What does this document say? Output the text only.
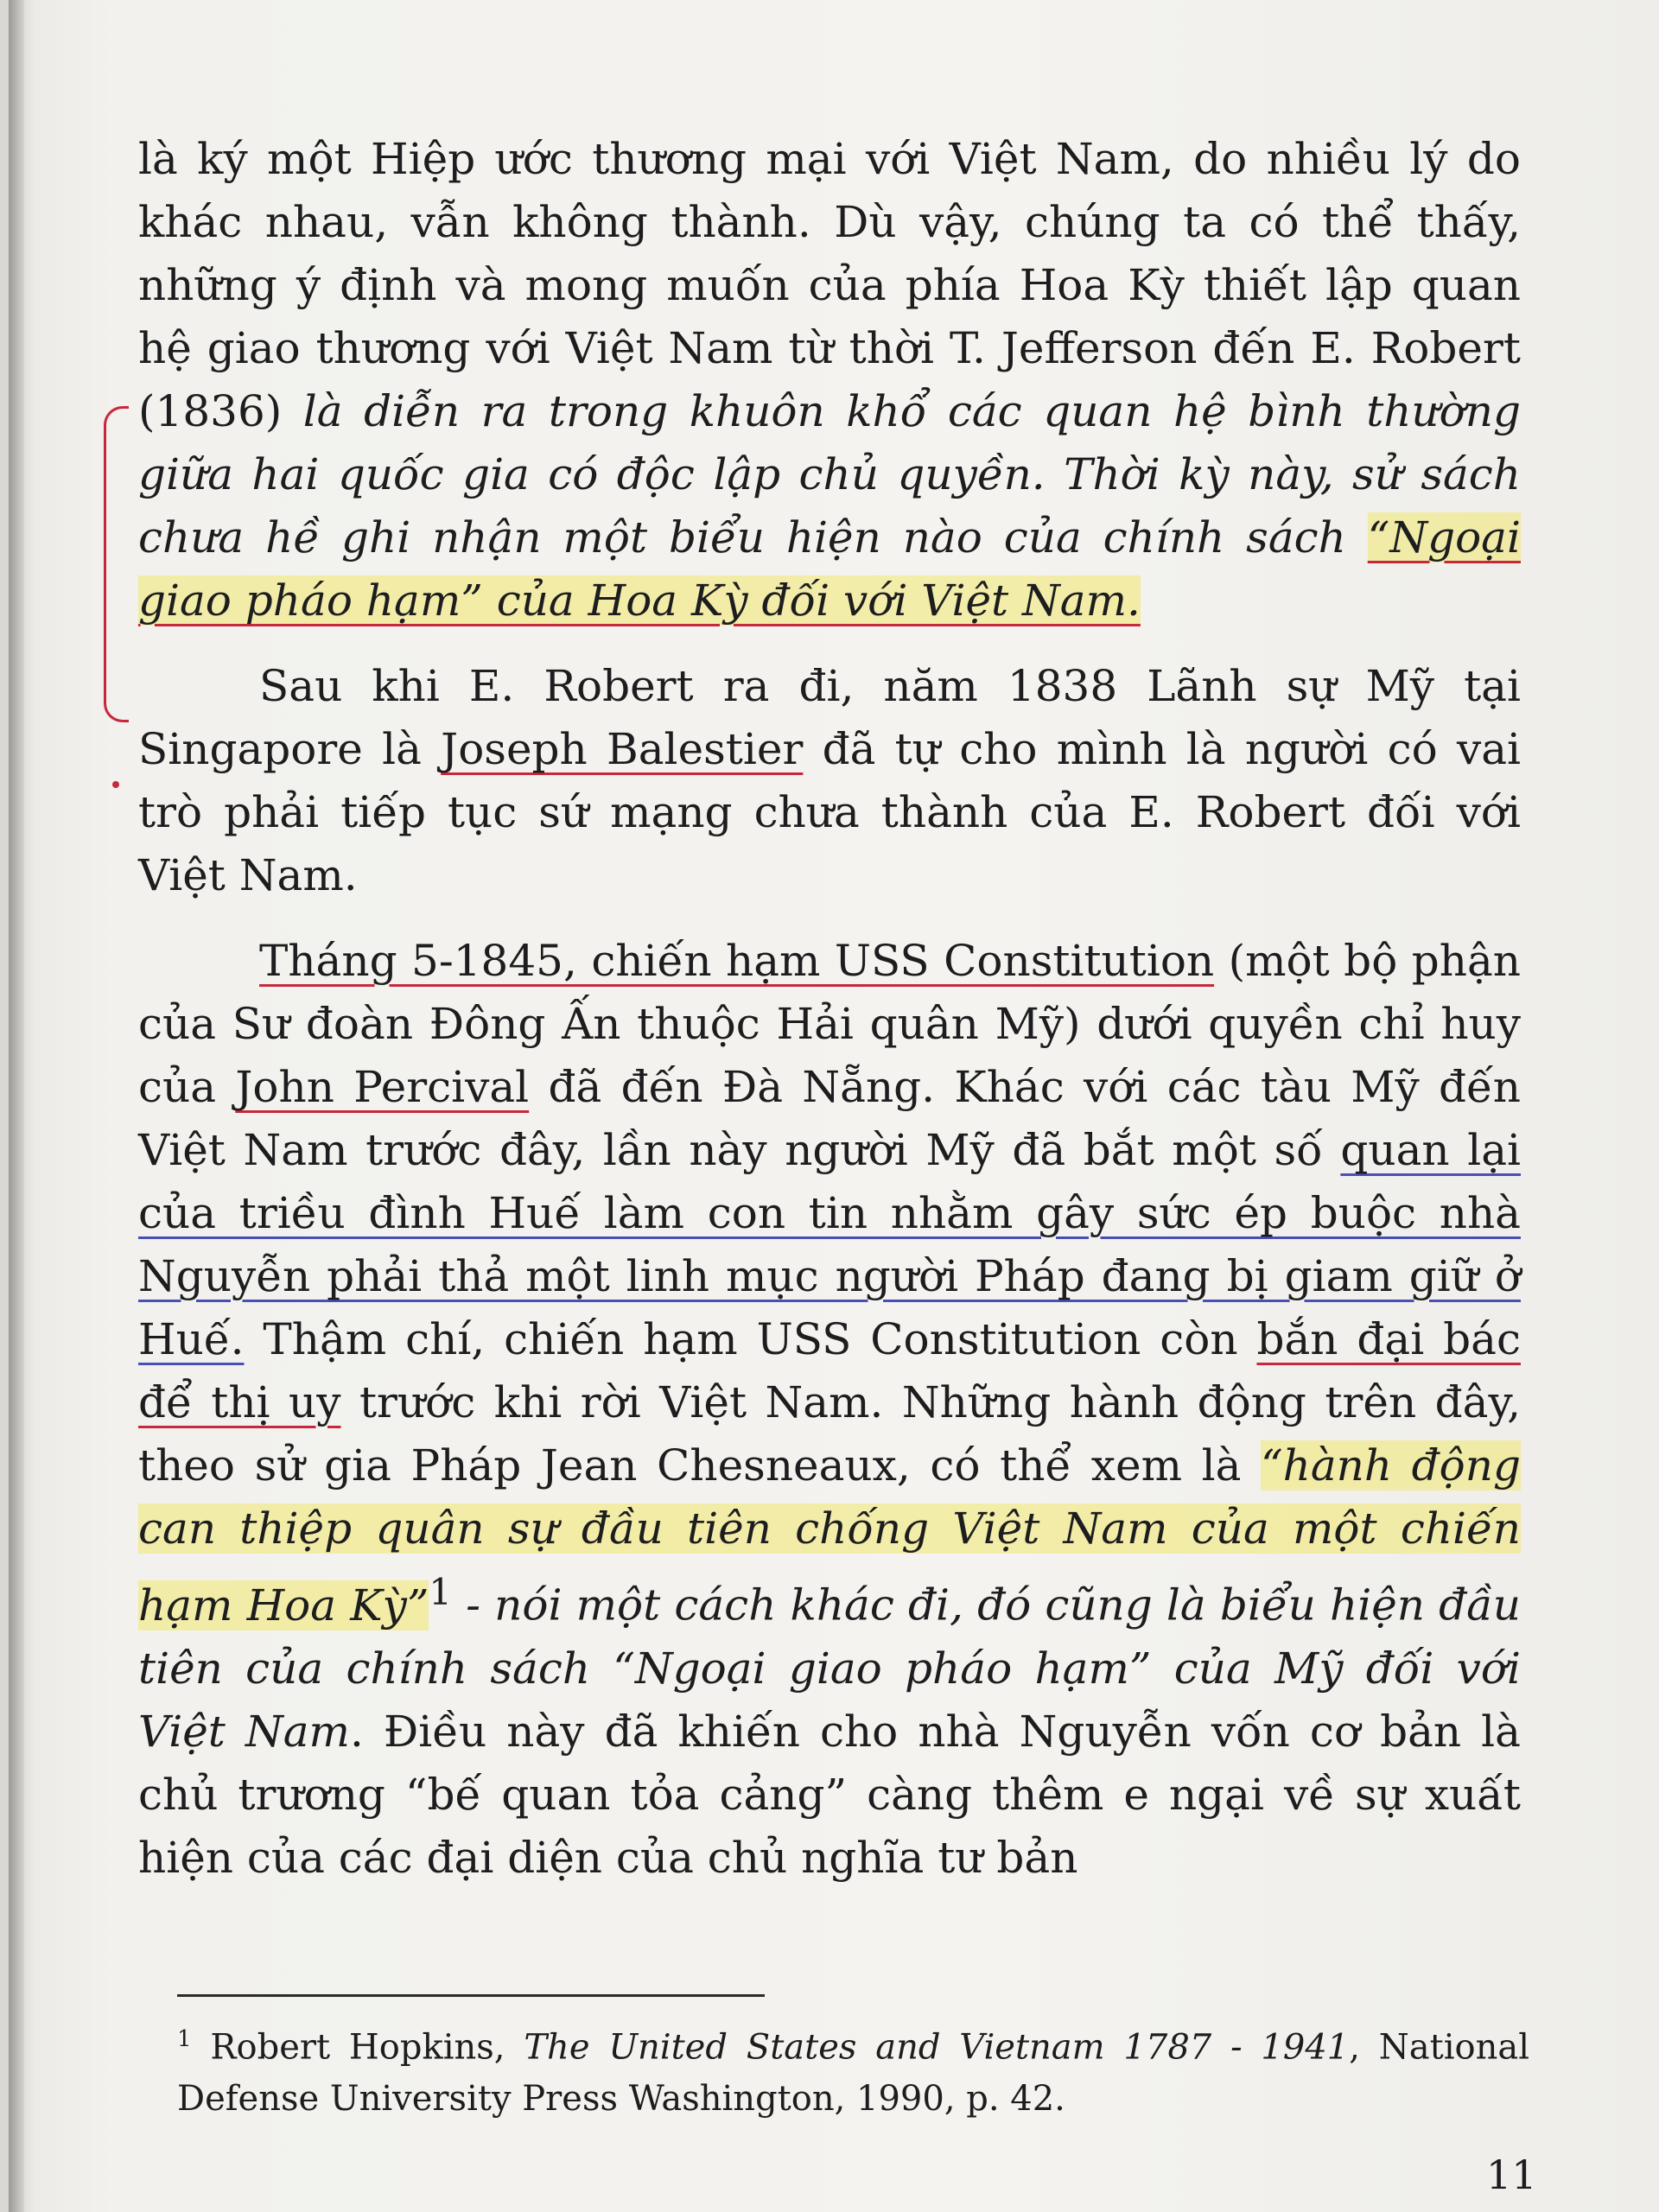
là ký một Hiệp ước thương mại với Việt Nam, do nhiều lý do khác nhau, vẫn không thành. Dù vậy, chúng ta có thể thấy, những ý định và mong muốn của phía Hoa Kỳ thiết lập quan hệ giao thương với Việt Nam từ thời T. Jefferson đến E. Robert (1836) là diễn ra trong khuôn khổ các quan hệ bình thường giữa hai quốc gia có độc lập chủ quyền. Thời kỳ này, sử sách chưa hề ghi nhận một biểu hiện nào của chính sách “Ngoại giao pháo hạm” của Hoa Kỳ đối với Việt Nam.

Sau khi E. Robert ra đi, năm 1838 Lãnh sự Mỹ tại Singapore là Joseph Balestier đã tự cho mình là người có vai trò phải tiếp tục sứ mạng chưa thành của E. Robert đối với Việt Nam.

Tháng 5-1845, chiến hạm USS Constitution (một bộ phận của Sư đoàn Đông Ấn thuộc Hải quân Mỹ) dưới quyền chỉ huy của John Percival đã đến Đà Nẵng. Khác với các tàu Mỹ đến Việt Nam trước đây, lần này người Mỹ đã bắt một số quan lại của triều đình Huế làm con tin nhằm gây sức ép buộc nhà Nguyễn phải thả một linh mục người Pháp đang bị giam giữ ở Huế. Thậm chí, chiến hạm USS Constitution còn bắn đại bác để thị uy trước khi rời Việt Nam. Những hành động trên đây, theo sử gia Pháp Jean Chesneaux, có thể xem là “hành động can thiệp quân sự đầu tiên chống Việt Nam của một chiến hạm Hoa Kỳ”$^1$ - nói một cách khác đi, đó cũng là biểu hiện đầu tiên của chính sách “Ngoại giao pháo hạm” của Mỹ đối với Việt Nam. Điều này đã khiến cho nhà Nguyễn vốn cơ bản là chủ trương “bế quan tỏa cảng” càng thêm e ngại về sự xuất hiện của các đại diện của chủ nghĩa tư bản

$^1$ Robert Hopkins, The United States and Vietnam 1787 - 1941, National Defense University Press Washington, 1990, p. 42.
11
